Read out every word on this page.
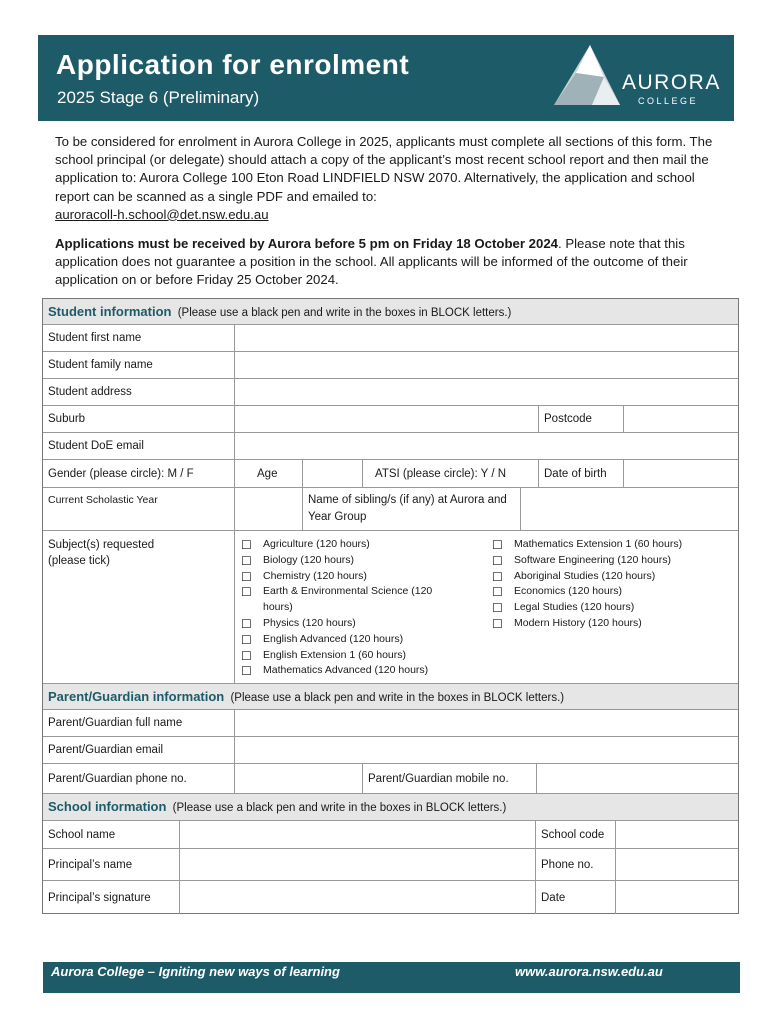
Application for enrolment
2025 Stage 6 (Preliminary)
AURORA
COLLEGE
To be considered for enrolment in Aurora College in 2025, applicants must complete all sections of this form. The school principal (or delegate) should attach a copy of the applicant’s most recent school report and then mail the application to: Aurora College 100 Eton Road LINDFIELD NSW 2070. Alternatively, the application and school report can be scanned as a single PDF and emailed to:
auroracoll-h.school@det.nsw.edu.au
Applications must be received by Aurora before 5 pm on Friday 18 October 2024. Please note that this application does not guarantee a position in the school. All applicants will be informed of the outcome of their application on or before Friday 25 October 2024.
Student information (Please use a black pen and write in the boxes in BLOCK letters.)
Student first name
Student family name
Student address
Suburb	Postcode
Student DoE email
Gender (please circle): M / F	Age	ATSI (please circle): Y / N	Date of birth
Current Scholastic Year	Name of sibling/s (if any) at Aurora and Year Group
Subject(s) requested
(please tick)
☐ Agriculture (120 hours)
☐ Biology (120 hours)
☐ Chemistry (120 hours)
☐ Earth & Environmental Science (120 hours)
☐ Physics (120 hours)
☐ English Advanced (120 hours)
☐ English Extension 1 (60 hours)
☐ Mathematics Advanced (120 hours)
☐ Mathematics Extension 1 (60 hours)
☐ Software Engineering (120 hours)
☐ Aboriginal Studies (120 hours)
☐ Economics (120 hours)
☐ Legal Studies (120 hours)
☐ Modern History (120 hours)
Parent/Guardian information (Please use a black pen and write in the boxes in BLOCK letters.)
Parent/Guardian full name
Parent/Guardian email
Parent/Guardian phone no.	Parent/Guardian mobile no.
School information (Please use a black pen and write in the boxes in BLOCK letters.)
School name	School code
Principal’s name	Phone no.
Principal’s signature	Date
Aurora College – Igniting new ways of learning	www.aurora.nsw.edu.au
